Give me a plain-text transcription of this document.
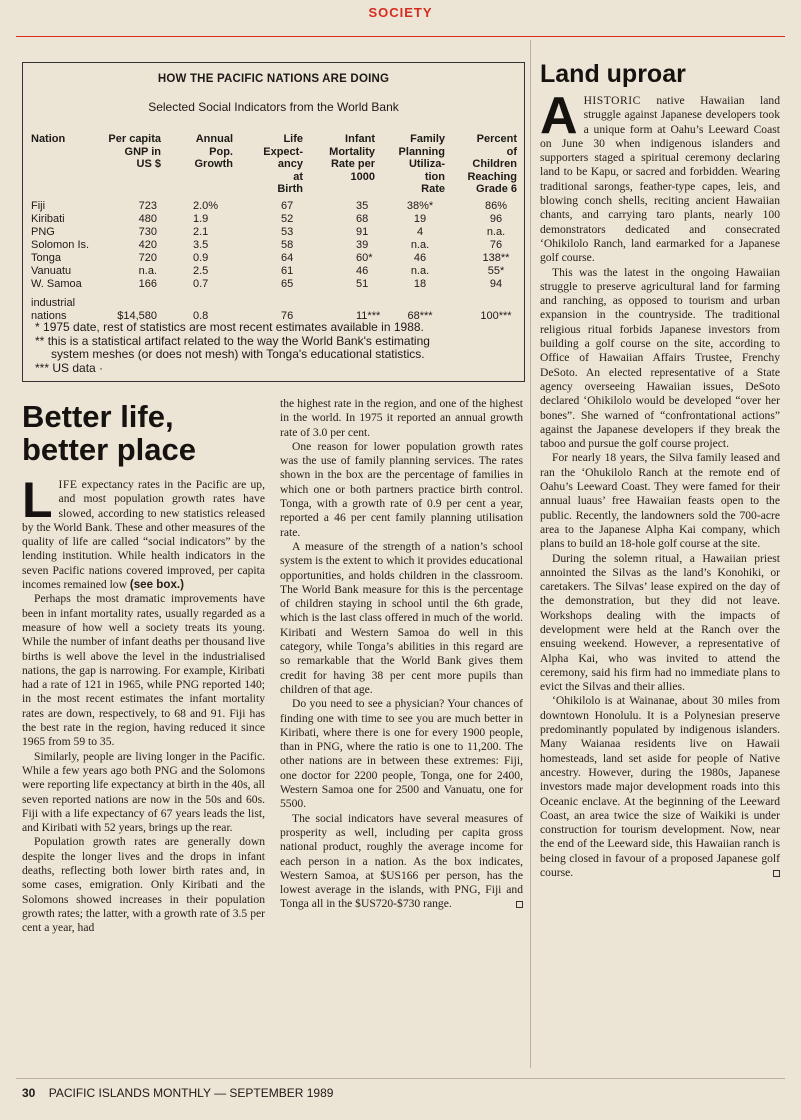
SOCIETY
HOW THE PACIFIC NATIONS ARE DOING
Selected Social Indicators from the World Bank
Nation	Per capita
GNP in
US $
Annual
Pop.
Growth
Life
Expect-
ancy
at
Birth
Infant
Mortality
Rate per
1000
Family
Planning
Utiliza-
tion
Rate
Percent
of
Children
Reaching
Grade 6
Fiji
Kiribati
PNG
Solomon Is.
Tonga
Vanuatu
W. Samoa
industrial
nations
723
480
730
420
720
n.a.
166
$14,580
2.0%
1.9
2.1
3.5
0.9
2.5
0.7
0.8
67
52
53
58
64
61
65
76
35
68
91
39
60*
46
51
11***
38%*
19
4
n.a.
46
n.a.
18
68***
86%
96
n.a.
76
138**
55*
94
100***
* 1975 date, rest of statistics are most recent estimates available in 1988.
** this is a statistical artifact related to the way the World Bank's estimating
system meshes (or does not mesh) with Tonga's educational statistics.
*** US data ·
Better life,
better place

LIFE expectancy rates in the Pacific are up, and most population growth rates have slowed, according to new statistics released by the World Bank. These and other measures of the quality of life are called “social indicators” by the lending institution. While health indicators in the seven Pacific nations covered improved, per capita incomes remained low (see box.)

Perhaps the most dramatic improvements have been in infant mortality rates, usually regarded as a measure of how well a society treats its young. While the number of infant deaths per thousand live births is well above the level in the industrialised nations, the gap is narrowing. For example, Kiribati had a rate of 121 in 1965, while PNG reported 140; in the most recent estimates the infant mortality rates are down, respectively, to 68 and 91. Fiji has the best rate in the region, having reduced it since 1965 from 59 to 35.

Similarly, people are living longer in the Pacific. While a few years ago both PNG and the Solomons were reporting life expectancy at birth in the 40s, all seven reported nations are now in the 50s and 60s. Fiji with a life expectancy of 67 years leads the list, and Kiribati with 52 years, brings up the rear.

Population growth rates are generally down despite the longer lives and the drops in infant deaths, reflecting both lower birth rates and, in some cases, emigration. Only Kiribati and the Solomons showed increases in their population growth rates; the latter, with a growth rate of 3.5 per cent a year, had

the highest rate in the region, and one of the highest in the world. In 1975 it reported an annual growth rate of 3.0 per cent.

One reason for lower population growth rates was the use of family planning services. The rates shown in the box are the percentage of families in which one or both partners practice birth control. Tonga, with a growth rate of 0.9 per cent a year, reported a 46 per cent family planning utilisation rate.

A measure of the strength of a nation’s school system is the extent to which it provides educational opportunities, and holds children in the classroom. The World Bank measure for this is the percentage of children staying in school until the 6th grade, which is the last class offered in much of the world. Kiribati and Western Samoa do well in this category, while Tonga’s abilities in this regard are so remarkable that the World Bank gives them credit for having 38 per cent more pupils than children of that age.

Do you need to see a physician? Your chances of finding one with time to see you are much better in Kiribati, where there is one for every 1900 people, than in PNG, where the ratio is one to 11,200. The other nations are in between these extremes: Fiji, one doctor for 2200 people, Tonga, one for 2400, Western Samoa one for 2500 and Vanuatu, one for 5500.

The social indicators have several measures of prosperity as well, including per capita gross national product, roughly the average income for each person in a nation. As the box indicates, Western Samoa, at $US166 per person, has the lowest average in the islands, with PNG, Fiji and Tonga all in the $US720-$730 range.

Land uproar

AHISTORIC native Hawaiian land struggle against Japanese developers took a unique form at Oahu’s Leeward Coast on June 30 when indigenous islanders and supporters staged a spiritual ceremony declaring land to be Kapu, or sacred and forbidden. Wearing traditional sarongs, feather-type capes, leis, and blowing conch shells, reciting ancient Hawaiian chants, and carrying taro plants, nearly 100 demonstrators dedicated and consecrated ‘Ohikilolo Ranch, land earmarked for a Japanese golf course.

This was the latest in the ongoing Hawaiian struggle to preserve agricultural land for farming and ranching, as opposed to tourism and urban expansion in the countryside. The traditional religious ritual forbids Japanese investors from building a golf course on the site, according to Office of Hawaiian Affairs Trustee, Frenchy DeSoto. An elected representative of a State agency overseeing Hawaiian issues, DeSoto declared ‘Ohikilolo would be developed “over her bones”. She warned of “confrontational actions” against the Japanese developers if they break the taboo and pursue the golf course project.

For nearly 18 years, the Silva family leased and ran the ‘Ohukilolo Ranch at the remote end of Oahu’s Leeward Coast. They were famed for their annual luaus’ free Hawaiian feasts open to the public. Recently, the landowners sold the 700-acre area to the Japanese Alpha Kai company, which plans to build an 18-hole golf course at the site.

During the solemn ritual, a Hawaiian priest annointed the Silvas as the land’s Konohiki, or caretakers. The Silvas’ lease expired on the day of the demonstration, but they did not leave. Workshops dealing with the impacts of development were held at the Ranch over the ensuing weekend. However, a representative of Alpha Kai, who was invited to attend the ceremony, said his firm had no immediate plans to evict the Silvas and their allies.

‘Ohikilolo is at Wainanae, about 30 miles from downtown Honolulu. It is a Polynesian preserve predominantly populated by indigenous islanders. Many Waianaa residents live on Hawaii homesteads, land set aside for people of Native ancestry. However, during the 1980s, Japanese investors made major development roads into this Oceanic enclave. At the beginning of the Leeward Coast, an area twice the size of Waikiki is under construction for tourism development. Now, near the end of the Leeward side, this Hawaiian ranch is being closed in favour of a proposed Japanese golf course.

30 PACIFIC ISLANDS MONTHLY — SEPTEMBER 1989
